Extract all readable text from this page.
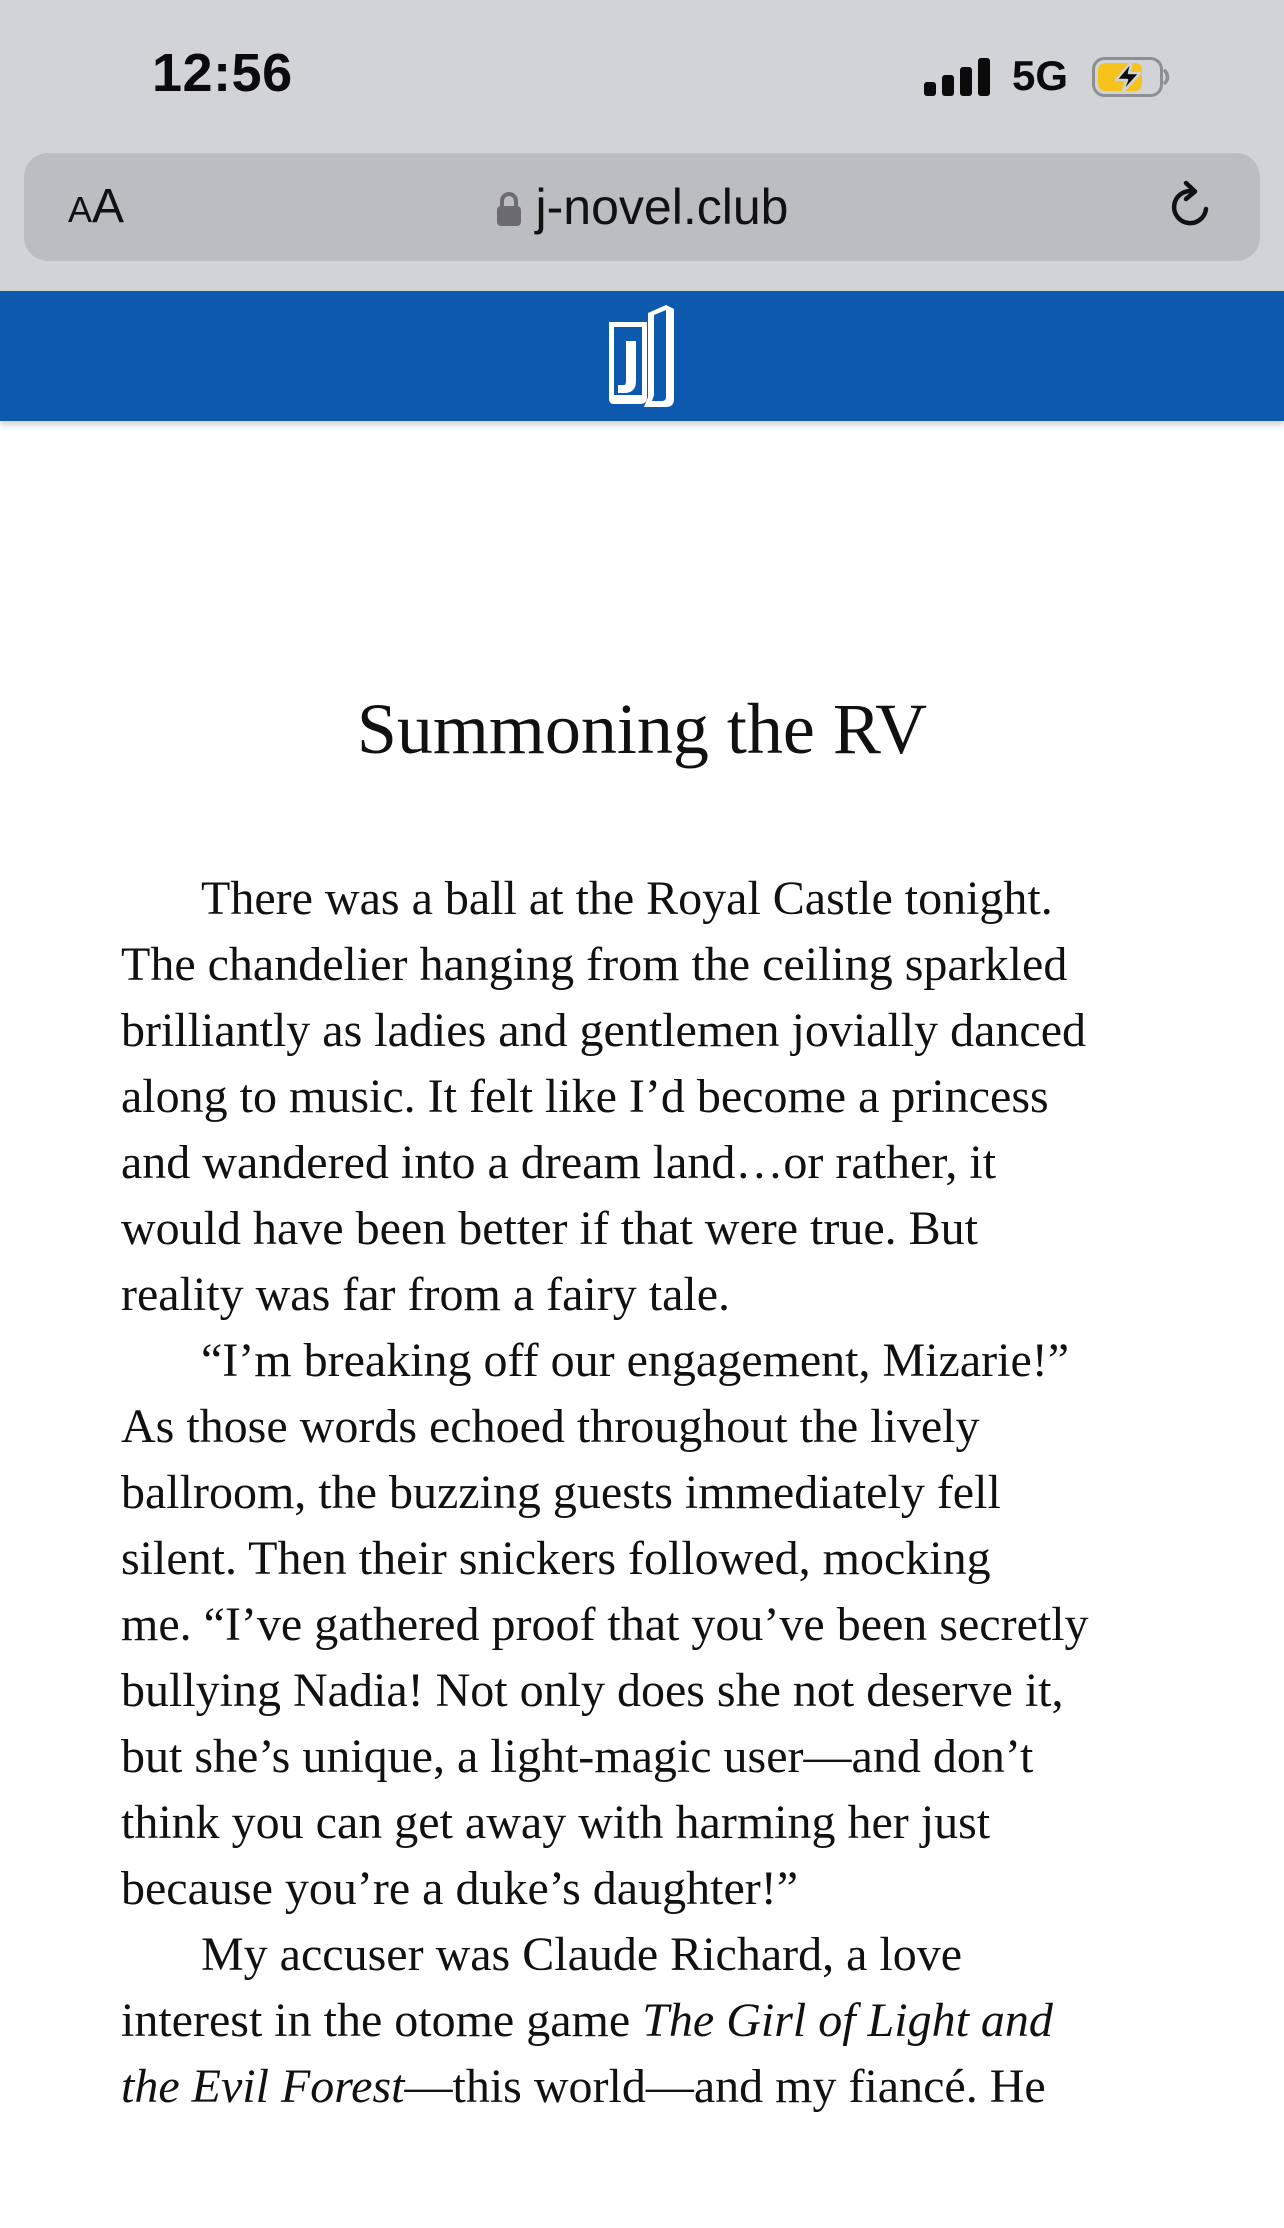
12:56	5G
AA	j-novel.club
Summoning the RV
There was a ball at the Royal Castle tonight.
The chandelier hanging from the ceiling sparkled
brilliantly as ladies and gentlemen jovially danced
along to music. It felt like I’d become a princess
and wandered into a dream land…or rather, it
would have been better if that were true. But
reality was far from a fairy tale.
“I’m breaking off our engagement, Mizarie!”
As those words echoed throughout the lively
ballroom, the buzzing guests immediately fell
silent. Then their snickers followed, mocking
me. “I’ve gathered proof that you’ve been secretly
bullying Nadia! Not only does she not deserve it,
but she’s unique, a light-magic user—and don’t
think you can get away with harming her just
because you’re a duke’s daughter!”
My accuser was Claude Richard, a love
interest in the otome game The Girl of Light and
the Evil Forest—this world—and my fiancé. He
